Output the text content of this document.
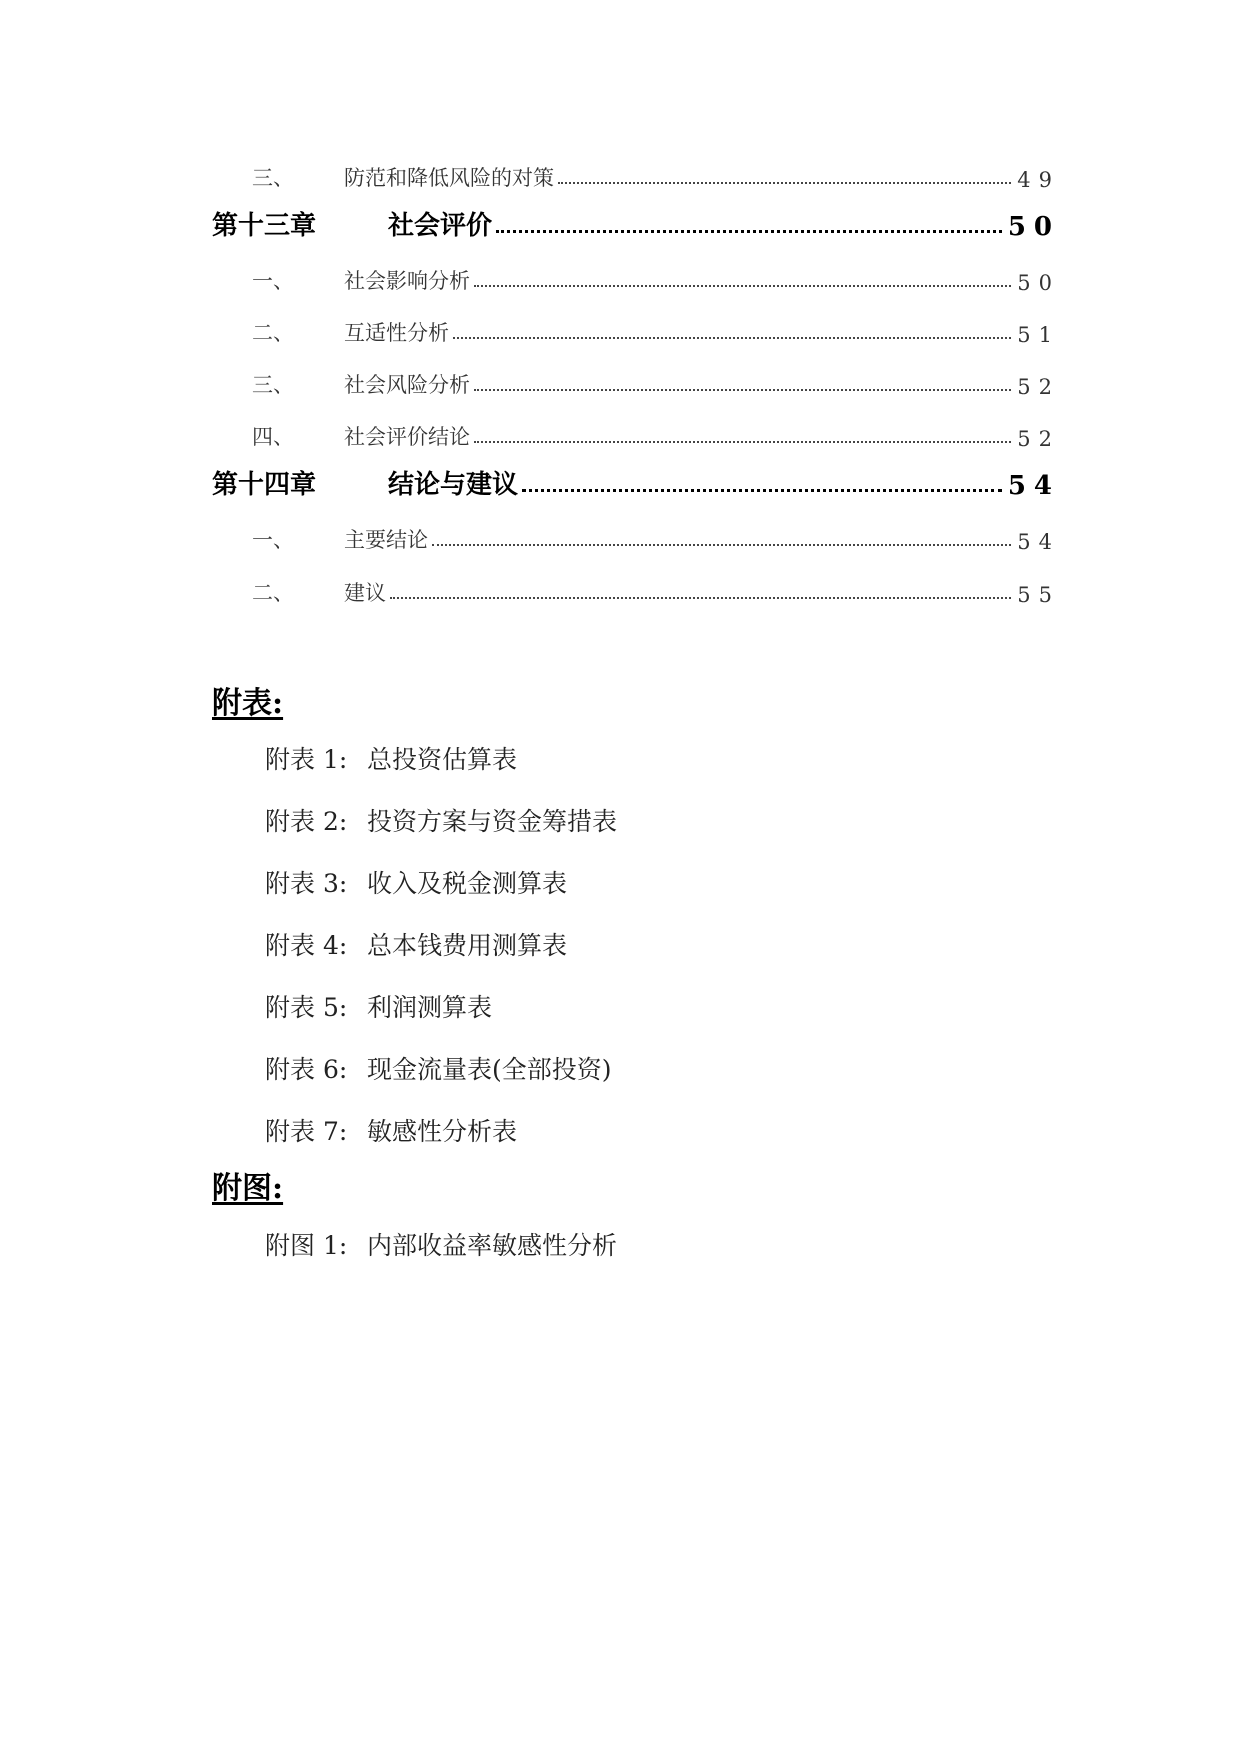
三、	防范和降低风险的对策	49
第十三章	社会评价	50
一、	社会影响分析	50
二、	互适性分析	51
三、	社会风险分析	52
四、	社会评价结论	52
第十四章	结论与建议	54
一、	主要结论	54
二、	建议	55
附表:
附表 1: 总投资估算表
附表 2: 投资方案与资金筹措表
附表 3: 收入及税金测算表
附表 4: 总本钱费用测算表
附表 5: 利润测算表
附表 6: 现金流量表(全部投资)
附表 7: 敏感性分析表
附图:
附图 1: 内部收益率敏感性分析
